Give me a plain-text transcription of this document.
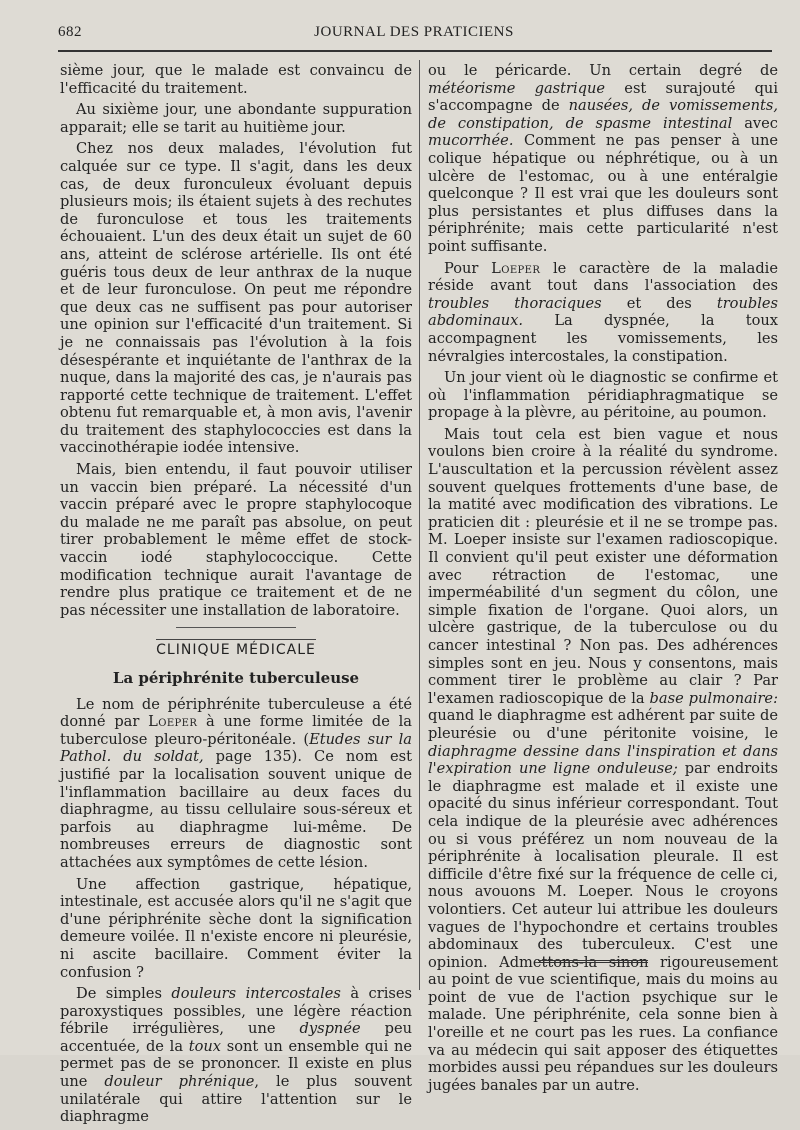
682	JOURNAL DES PRATICIENS

sième jour, que le malade est convaincu de l'efficacité du traitement.

Au sixième jour, une abondante suppuration apparait; elle se tarit au huitième jour.

Chez nos deux malades, l'évolution fut calquée sur ce type. Il s'agit, dans les deux cas, de deux furonculeux évoluant depuis plusieurs mois; ils étaient sujets à des rechutes de furonculose et tous les traitements échouaient. L'un des deux était un sujet de 60 ans, atteint de sclérose artérielle. Ils ont été guéris tous deux de leur anthrax de la nuque et de leur furonculose. On peut me répondre que deux cas ne suffisent pas pour autoriser une opinion sur l'efficacité d'un traitement. Si je ne connaissais pas l'évolution à la fois désespérante et inquiétante de l'anthrax de la nuque, dans la majorité des cas, je n'aurais pas rapporté cette technique de traitement. L'effet obtenu fut remarquable et, à mon avis, l'avenir du traitement des staphylococcies est dans la vaccinothérapie iodée intensive.

Mais, bien entendu, il faut pouvoir utiliser un vaccin bien préparé. La nécessité d'un vaccin préparé avec le propre staphylocoque du malade ne me paraît pas absolue, on peut tirer probablement le même effet de stock-vaccin iodé staphylococcique. Cette modification technique aurait l'avantage de rendre plus pratique ce traitement et de ne pas nécessiter une installation de laboratoire.

CLINIQUE MÉDICALE
La périphrénite tuberculeuse

Le nom de périphrénite tuberculeuse a été donné par Loeper à une forme limitée de la tuberculose pleuro-péritonéale. (Etudes sur la Pathol. du soldat, page 135). Ce nom est justifié par la localisation souvent unique de l'inflammation bacillaire au deux faces du diaphragme, au tissu cellulaire sous-séreux et parfois au diaphragme lui-même. De nombreuses erreurs de diagnostic sont attachées aux symptômes de cette lésion.

Une affection gastrique, hépatique, intestinale, est accusée alors qu'il ne s'agit que d'une périphrénite sèche dont la signification demeure voilée. Il n'existe encore ni pleurésie, ni ascite bacillaire. Comment éviter la confusion ?

De simples douleurs intercostales à crises paroxystiques possibles, une légère réaction fébrile irrégulières, une dyspnée peu accentuée, de la toux sont un ensemble qui ne permet pas de se prononcer. Il existe en plus une douleur phrénique, le plus souvent unilatérale qui attire l'attention sur le diaphragme

ou le péricarde. Un certain degré de météorisme gastrique est surajouté qui s'accompagne de nausées, de vomissements, de constipation, de spasme intestinal avec mucorrhée. Comment ne pas penser à une colique hépatique ou néphrétique, ou à un ulcère de l'estomac, ou à une entéralgie quelconque ? Il est vrai que les douleurs sont plus persistantes et plus diffuses dans la périphrénite; mais cette particularité n'est point suffisante.

Pour Loeper le caractère de la maladie réside avant tout dans l'association des troubles thoraciques et des troubles abdominaux. La dyspnée, la toux accompagnent les vomissements, les névralgies intercostales, la constipation.

Un jour vient où le diagnostic se confirme et où l'inflammation péridiaphragmatique se propage à la plèvre, au péritoine, au poumon.

Mais tout cela est bien vague et nous voulons bien croire à la réalité du syndrome. L'auscultation et la percussion révèlent assez souvent quelques frottements d'une base, de la matité avec modification des vibrations. Le praticien dit : pleurésie et il ne se trompe pas. M. Loeper insiste sur l'examen radioscopique. Il convient qu'il peut exister une déformation avec rétraction de l'estomac, une imperméabilité d'un segment du côlon, une simple fixation de l'organe. Quoi alors, un ulcère gastrique, de la tuberculose ou du cancer intestinal ? Non pas. Des adhérences simples sont en jeu. Nous y consentons, mais comment tirer le problème au clair ? Par l'examen radioscopique de la base pulmonaire: quand le diaphragme est adhérent par suite de pleurésie ou d'une péritonite voisine, le diaphragme dessine dans l'inspiration et dans l'expiration une ligne onduleuse; par endroits le diaphragme est malade et il existe une opacité du sinus inférieur correspondant. Tout cela indique de la pleurésie avec adhérences ou si vous préférez un nom nouveau de la périphrénite à localisation pleurale. Il est difficile d'être fixé sur la fréquence de celle ci, nous avouons M. Loeper. Nous le croyons volontiers. Cet auteur lui attribue les douleurs vagues de l'hypochondre et certains troubles abdominaux des tuberculeux. C'est une opinion. Admettons-la sinon rigoureusement au point de vue scientifique, mais du moins au point de vue de l'action psychique sur le malade. Une périphrénite, cela sonne bien à l'oreille et ne court pas les rues. La confiance va au médecin qui sait apposer des étiquettes morbides aussi peu répandues sur les douleurs jugées banales par un autre.
